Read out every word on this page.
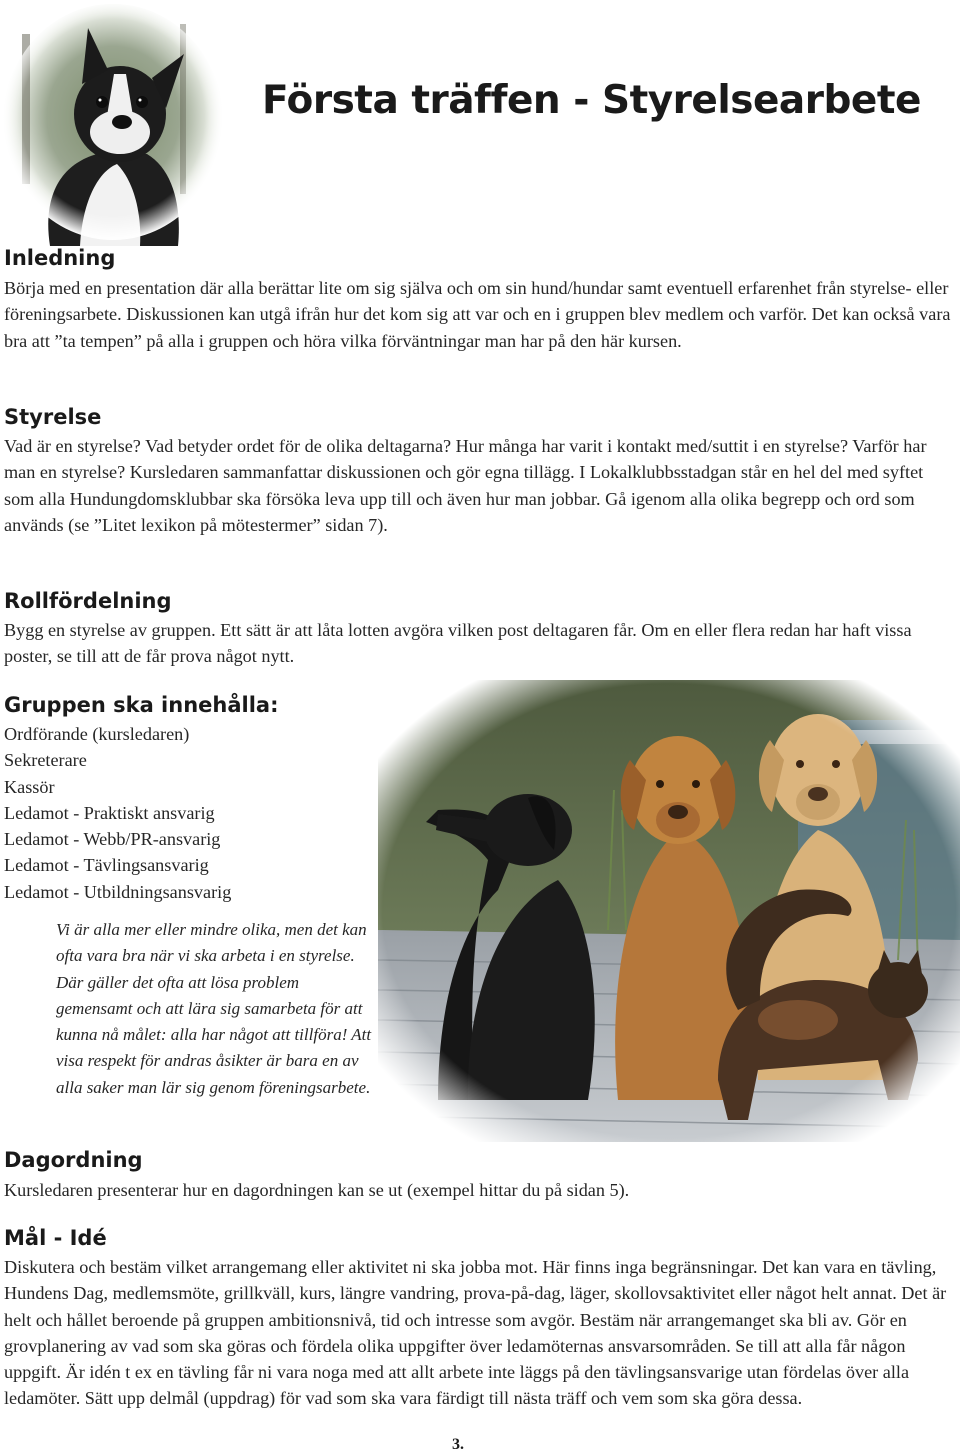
Första träffen - Styrelsearbete
Inledning

Börja med en presentation där alla berättar lite om sig själva och om sin hund/hundar samt eventuell erfarenhet från styrelse- eller föreningsarbete. Diskussionen kan utgå ifrån hur det kom sig att var och en i gruppen blev medlem och varför. Det kan också vara bra att ”ta tempen” på alla i gruppen och höra vilka förväntningar man har på den här kursen.

Styrelse

Vad är en styrelse? Vad betyder ordet för de olika deltagarna? Hur många har varit i kontakt med/suttit i en styrelse? Varför har man en styrelse? Kursledaren sammanfattar diskussionen och gör egna tillägg. I Lokalklubbsstadgan står en hel del med syftet som alla Hundungdomsklubbar ska försöka leva upp till och även hur man jobbar. Gå igenom alla olika begrepp och ord som används (se ”Litet lexikon på mötestermer” sidan 7).

Rollfördelning

Bygg en styrelse av gruppen. Ett sätt är att låta lotten avgöra vilken post deltagaren får. Om en eller flera redan har haft vissa poster, se till att de får prova något nytt.

Gruppen ska innehålla:
Ordförande (kursledaren)
Sekreterare
Kassör
Ledamot - Praktiskt ansvarig
Ledamot - Webb/PR-ansvarig
Ledamot - Tävlingsansvarig
Ledamot - Utbildningsansvarig

Vi är alla mer eller mindre olika, men det kan ofta vara bra när vi ska arbeta i en styrelse. Där gäller det ofta att lösa problem gemensamt och att lära sig samarbeta för att kunna nå målet: alla har något att tillföra! Att visa respekt för andras åsikter är bara en av alla saker man lär sig genom föreningsarbete.

Dagordning

Kursledaren presenterar hur en dagordningen kan se ut (exempel hittar du på sidan 5).

Mål - Idé

Diskutera och bestäm vilket arrangemang eller aktivitet ni ska jobba mot. Här finns inga begränsningar. Det kan vara en tävling, Hundens Dag, medlemsmöte, grillkväll, kurs, längre vandring, prova-på-dag, läger, skollovsaktivitet eller något helt annat. Det är helt och hållet beroende på gruppen ambitionsnivå, tid och intresse som avgör. Bestäm när arrangemanget ska bli av. Gör en grovplanering av vad som ska göras och fördela olika uppgifter över ledamöternas ansvarsområden. Se till att alla får någon uppgift. Är idén t ex en tävling får ni vara noga med att allt arbete inte läggs på den tävlingsansvarige utan fördelas över alla ledamöter. Sätt upp delmål (uppdrag) för vad som ska vara färdigt till nästa träff och vem som ska göra dessa.

3.
